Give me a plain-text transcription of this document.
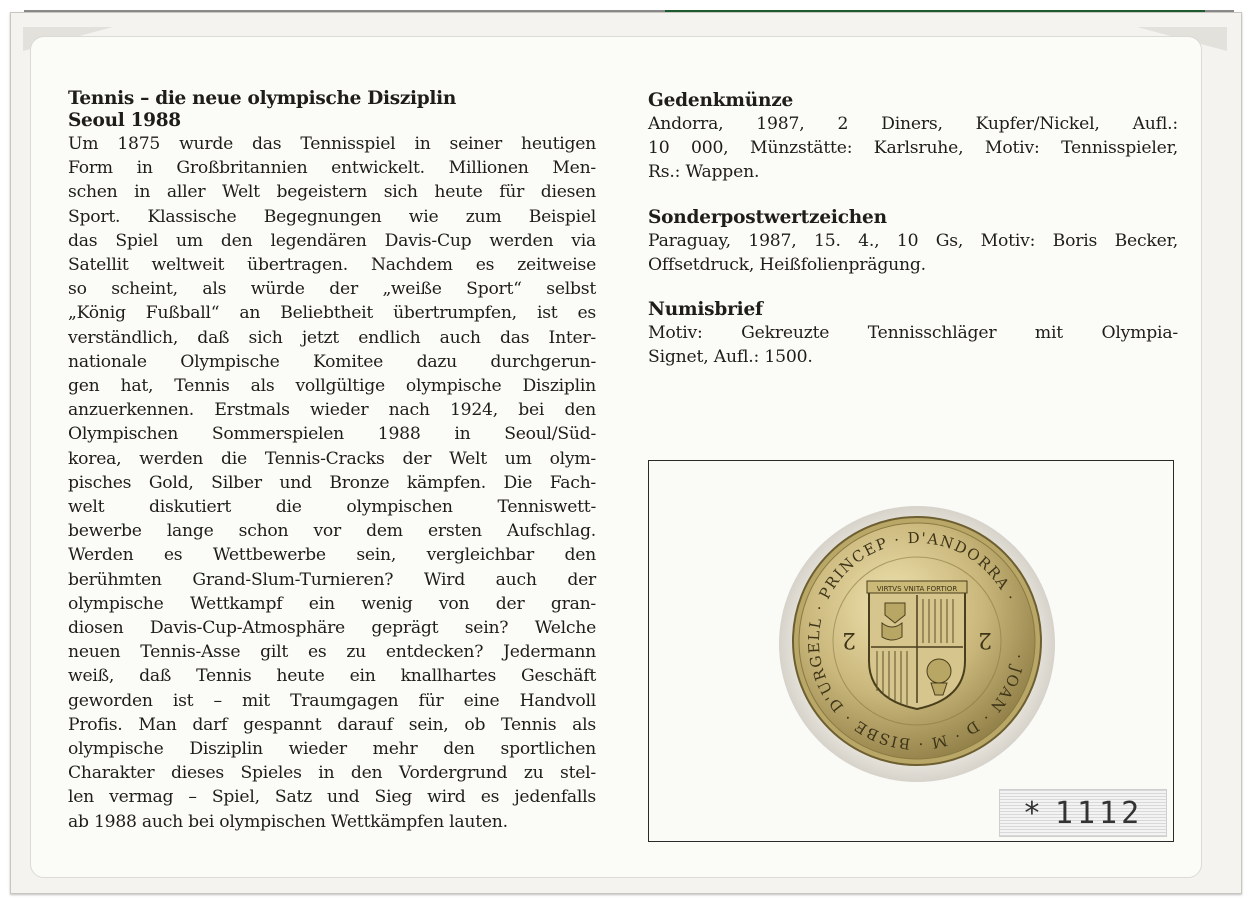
Tennis – die neue olympische Disziplin
Seoul 1988
Um 1875 wurde das Tennisspiel in seiner heutigen
Form in Großbritannien entwickelt. Millionen Men-
schen in aller Welt begeistern sich heute für diesen
Sport. Klassische Begegnungen wie zum Beispiel
das Spiel um den legendären Davis-Cup werden via
Satellit weltweit übertragen. Nachdem es zeitweise
so scheint, als würde der „weiße Sport“ selbst
„König Fußball“ an Beliebtheit übertrumpfen, ist es
verständlich, daß sich jetzt endlich auch das Inter-
nationale Olympische Komitee dazu durchgerun-
gen hat, Tennis als vollgültige olympische Disziplin
anzuerkennen. Erstmals wieder nach 1924, bei den
Olympischen Sommerspielen 1988 in Seoul/Süd-
korea, werden die Tennis-Cracks der Welt um olym-
pisches Gold, Silber und Bronze kämpfen. Die Fach-
welt diskutiert die olympischen Tenniswett-
bewerbe lange schon vor dem ersten Aufschlag.
Werden es Wettbewerbe sein, vergleichbar den
berühmten Grand-Slum-Turnieren? Wird auch der
olympische Wettkampf ein wenig von der gran-
diosen Davis-Cup-Atmosphäre geprägt sein? Welche
neuen Tennis-Asse gilt es zu entdecken? Jedermann
weiß, daß Tennis heute ein knallhartes Geschäft
geworden ist – mit Traumgagen für eine Handvoll
Profis. Man darf gespannt darauf sein, ob Tennis als
olympische Disziplin wieder mehr den sportlichen
Charakter dieses Spieles in den Vordergrund zu stel-
len vermag – Spiel, Satz und Sieg wird es jedenfalls
ab 1988 auch bei olympischen Wettkämpfen lauten.
Gedenkmünze
Andorra, 1987, 2 Diners, Kupfer/Nickel, Aufl.:
10 000, Münzstätte: Karlsruhe, Motiv: Tennisspieler,
Rs.: Wappen.
Sonderpostwertzeichen
Paraguay, 1987, 15. 4., 10 Gs, Motiv: Boris Becker,
Offsetdruck, Heißfolienprägung.
Numisbrief
Motiv: Gekreuzte Tennisschläger mit Olympia-
Signet, Aufl.: 1500.
· JOAN · D · M · BISBE · D'URGELL · PRINCEP · D'ANDORRA ·
VIRTVS VNITA FORTIOR
2	2
* 1112
